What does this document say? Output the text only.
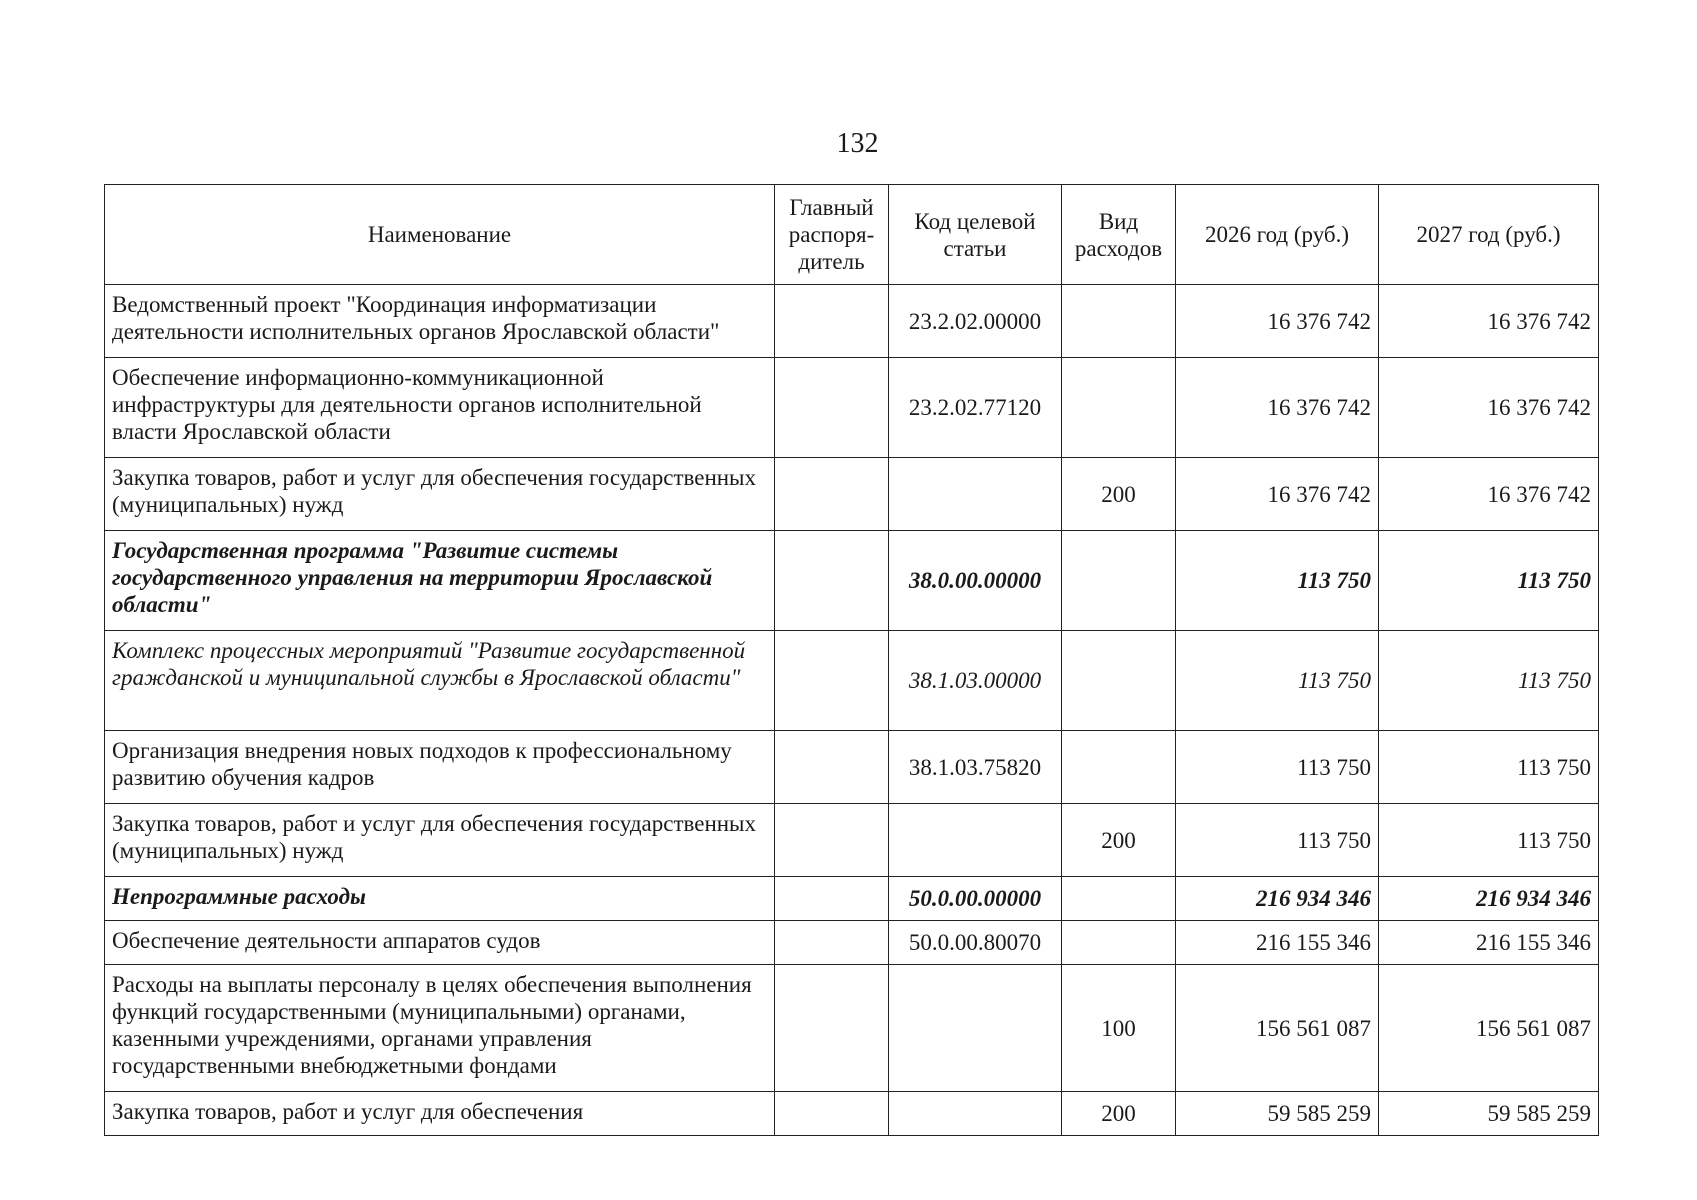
132
Наименование	Главный распоря-дитель	Код целевой статьи	Вид расходов	2026 год (руб.)	2027 год (руб.)
Ведомственный проект "Координация информатизации деятельности исполнительных органов Ярославской области"		23.2.02.00000		16 376 742	16 376 742
Обеспечение информационно-коммуникационной инфраструктуры для деятельности органов исполнительной власти Ярославской области		23.2.02.77120		16 376 742	16 376 742
Закупка товаров, работ и услуг для обеспечения государственных (муниципальных) нужд			200	16 376 742	16 376 742
Государственная программа "Развитие системы государственного управления на территории Ярославской области"		38.0.00.00000		113 750	113 750
Комплекс процессных мероприятий "Развитие государственной гражданской и муниципальной службы в Ярославской области"		38.1.03.00000		113 750	113 750
Организация внедрения новых подходов к профессиональному развитию обучения кадров		38.1.03.75820		113 750	113 750
Закупка товаров, работ и услуг для обеспечения государственных (муниципальных) нужд			200	113 750	113 750
Непрограммные расходы		50.0.00.00000		216 934 346	216 934 346
Обеспечение деятельности аппаратов судов		50.0.00.80070		216 155 346	216 155 346
Расходы на выплаты персоналу в целях обеспечения выполнения функций государственными (муниципальными) органами, казенными учреждениями, органами управления государственными внебюджетными фондами			100	156 561 087	156 561 087
Закупка товаров, работ и услуг для обеспечения			200	59 585 259	59 585 259
